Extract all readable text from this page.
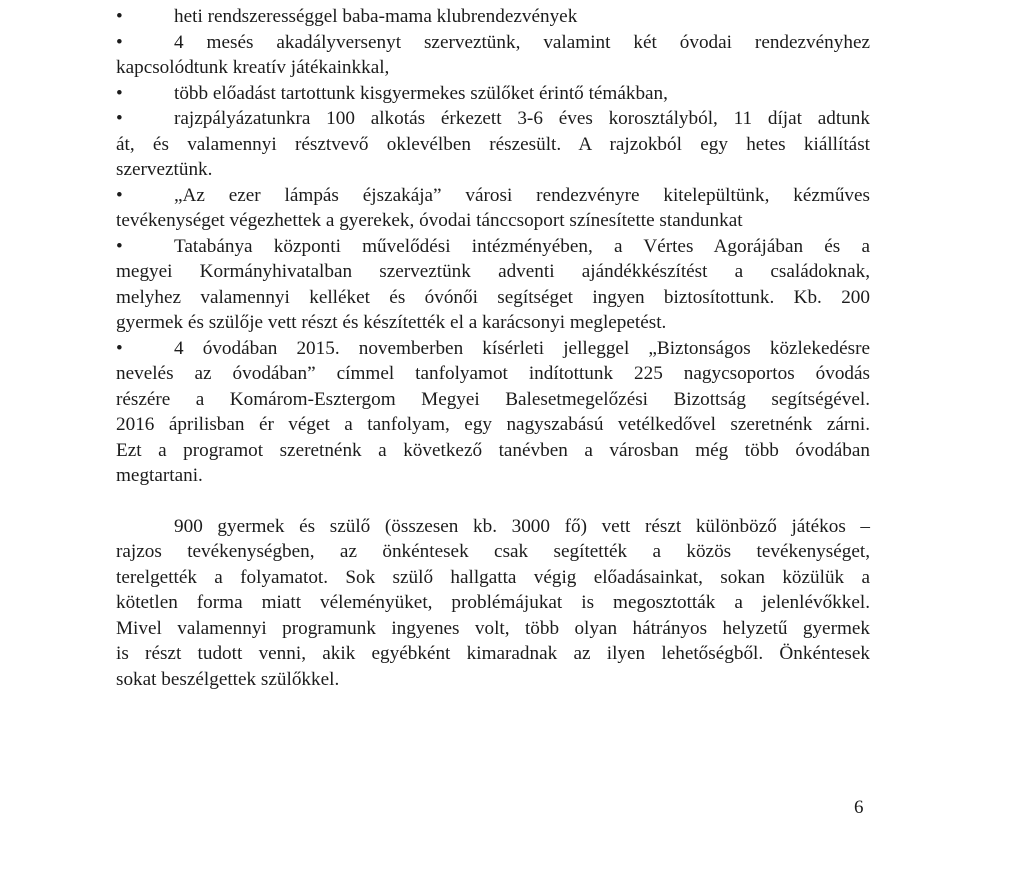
•	heti rendszerességgel baba-mama klubrendezvények
•	4 mesés akadályversenyt szerveztünk, valamint két óvodai rendezvényhez
kapcsolódtunk kreatív játékainkkal,
•	több előadást tartottunk kisgyermekes szülőket érintő témákban,
•	rajzpályázatunkra 100 alkotás érkezett 3-6 éves korosztályból, 11 díjat adtunk
át, és valamennyi résztvevő oklevélben részesült. A rajzokból egy hetes kiállítást
szerveztünk.
•	„Az ezer lámpás éjszakája” városi rendezvényre kitelepültünk, kézműves
tevékenységet végezhettek a gyerekek, óvodai tánccsoport színesítette standunkat
•	Tatabánya központi művelődési intézményében, a Vértes Agorájában és a
megyei Kormányhivatalban szerveztünk adventi ajándékkészítést a családoknak,
melyhez valamennyi kelléket és óvónői segítséget ingyen biztosítottunk. Kb. 200
gyermek és szülője vett részt és készítették el a karácsonyi meglepetést.
•	4 óvodában 2015. novemberben kísérleti jelleggel „Biztonságos közlekedésre
nevelés az óvodában” címmel tanfolyamot indítottunk 225 nagycsoportos óvodás
részére a Komárom-Esztergom Megyei Balesetmegelőzési Bizottság segítségével.
2016 áprilisban ér véget a tanfolyam, egy nagyszabású vetélkedővel szeretnénk zárni.
Ezt a programot szeretnénk a következő tanévben a városban még több óvodában
megtartani.
900 gyermek és szülő (összesen kb. 3000 fő) vett részt különböző játékos –
rajzos tevékenységben, az önkéntesek csak segítették a közös tevékenységet,
terelgették a folyamatot. Sok szülő hallgatta végig előadásainkat, sokan közülük a
kötetlen forma miatt véleményüket, problémájukat is megosztották a jelenlévőkkel.
Mivel valamennyi programunk ingyenes volt, több olyan hátrányos helyzetű gyermek
is részt tudott venni, akik egyébként kimaradnak az ilyen lehetőségből. Önkéntesek
sokat beszélgettek szülőkkel.
6
